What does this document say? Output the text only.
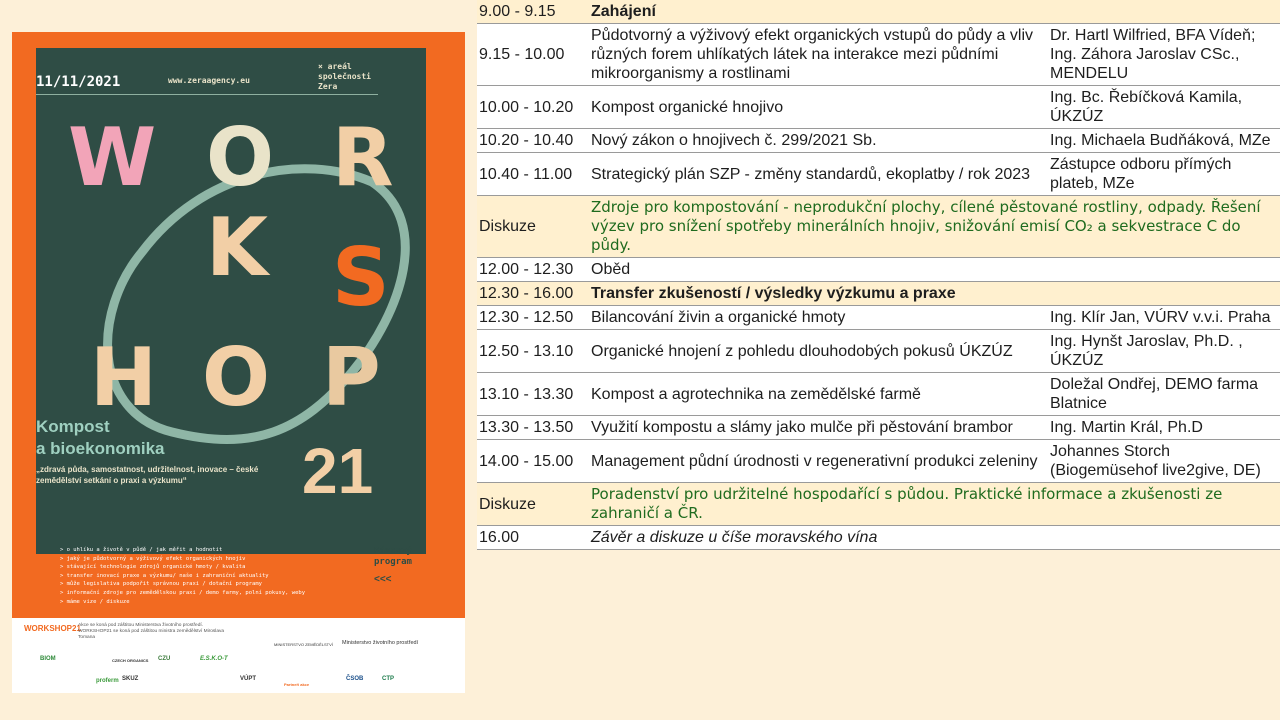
11/11/2021	www.zeraagency.eu
× areál
společnosti
Zera
W O R
K S
H O P
Kompost
a bioekonomika
„zdravá půda, samostatnost, udržitelnost, inovace – české zemědělství setkání o praxi a výzkumu“	21
> o uhlíku a životě v půdě / jak měřit a hodnotit
> jaký je půdotvorný a výživový efekt organických hnojiv
> stávající technologie zdrojů organické hmoty / kvalita
> transfer inovací praxe a výzkumu/ naše i zahraniční aktuality
> může legislativa podpořit správnou praxi / dotační programy
> informační zdroje pro zemědělskou praxi / demo farmy, polní pokusy, weby
> máme vize / diskuze
Rámcový
program
<<<
WORKSHOP21
Akce se koná pod záštitou Ministerstva životního prostředí. WORKSHOP21 se koná pod záštitou ministra zemědělství Miroslava Tomana
MINISTERSTVO ZEMĚDĚLSTVÍ Ministerstvo životního prostředí
BIOM	CZECH ORGANICS CZU	E.S.K.O-T
proferm SKUZ	VÚPT
Partneři akce
ČSOB	CTP
9.00 - 9.15	Zahájení	
9.15 - 10.00	Půdotvorný a výživový efekt organických vstupů do půdy a vliv různých forem uhlíkatých látek na interakce mezi půdními mikroorganismy a rostlinami	Dr. Hartl Wilfried, BFA Vídeň; Ing. Záhora Jaroslav CSc., MENDELU
10.00 - 10.20	Kompost organické hnojivo	Ing. Bc. Řebíčková Kamila, ÚKZÚZ
10.20 - 10.40	Nový zákon o hnojivech č. 299/2021 Sb.	Ing. Michaela Budňáková, MZe
10.40 - 11.00	Strategický plán SZP - změny standardů, ekoplatby / rok 2023	Zástupce odboru přímých plateb, MZe
Diskuze	Zdroje pro kompostování - neprodukční plochy, cílené pěstované rostliny, odpady. Řešení výzev pro snížení spotřeby minerálních hnojiv, snižování emisí CO₂ a sekvestrace C do půdy.	
12.00 - 12.30	Oběd	
12.30 - 16.00	Transfer zkušeností / výsledky výzkumu a praxe	
12.30 - 12.50	Bilancování živin a organické hmoty	Ing. Klír Jan, VÚRV v.v.i. Praha
12.50 - 13.10	Organické hnojení z pohledu dlouhodobých pokusů ÚKZÚZ	Ing. Hynšt Jaroslav, Ph.D. , ÚKZÚZ
13.10 - 13.30	Kompost a agrotechnika na zemědělské farmě	Doležal Ondřej, DEMO farma Blatnice
13.30 - 13.50	Využití kompostu a slámy jako mulče při pěstování brambor	Ing. Martin Král, Ph.D
14.00 - 15.00	Management půdní úrodnosti v regenerativní produkci zeleniny	Johannes Storch (Biogemüsehof live2give, DE)
Diskuze	Poradenství pro udržitelné hospodařící s půdou. Praktické informace a zkušenosti ze zahraničí a ČR.	
16.00	Závěr a diskuze u číše moravského vína	
